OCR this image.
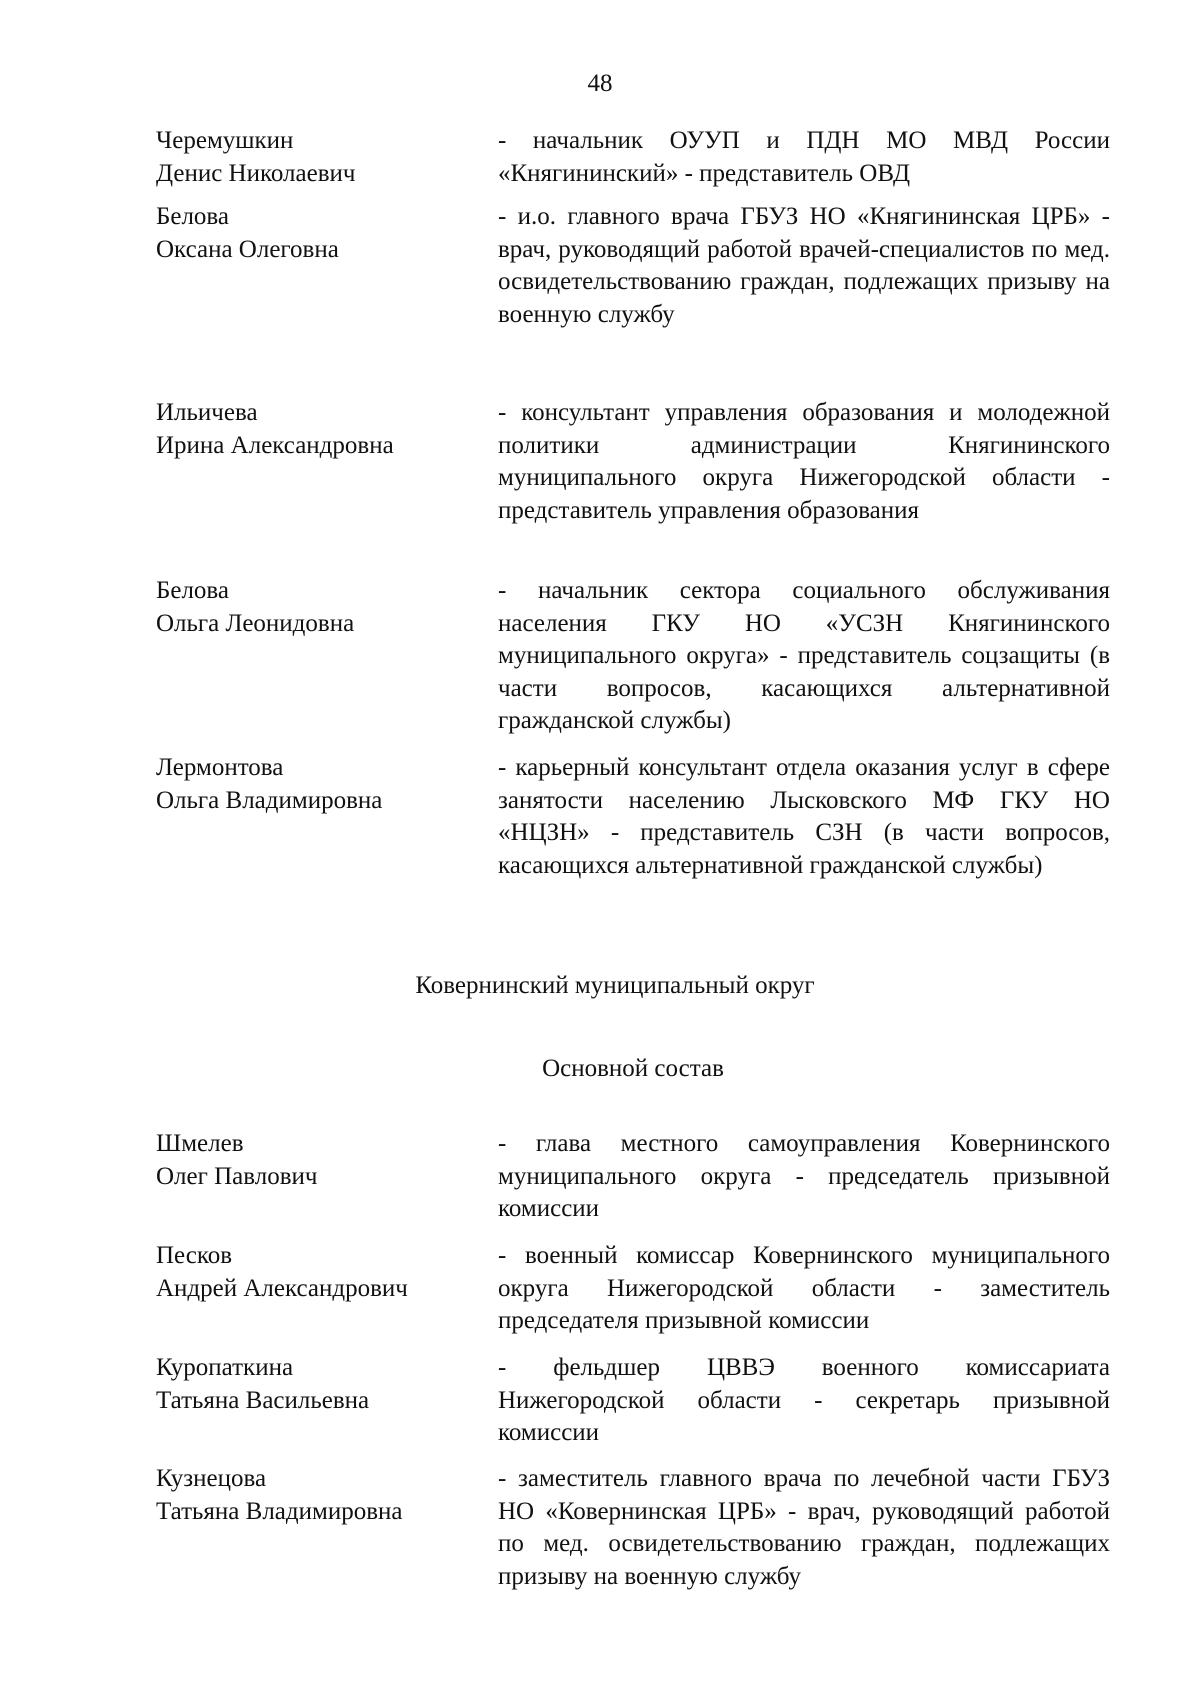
48
Черемушкин
Денис Николаевич
- начальник ОУУП и ПДН МО МВД России «Княгининский» - представитель ОВД
Белова
Оксана Олеговна
- и.о. главного врача ГБУЗ НО «Княгининская ЦРБ» - врач, руководящий работой врачей-специалистов по мед. освидетельствованию граждан, подлежащих призыву на военную службу
Ильичева
Ирина Александровна
- консультант управления образования и молодежной политики администрации Княгининского муниципального округа Нижегородской области - представитель управления образования
Белова
Ольга Леонидовна
- начальник сектора социального обслуживания населения ГКУ НО «УСЗН Княгининского муниципального округа» - представитель соцзащиты (в части вопросов, касающихся альтернативной гражданской службы)
Лермонтова
Ольга Владимировна
- карьерный консультант отдела оказания услуг в сфере занятости населению Лысковского МФ ГКУ НО «НЦЗН» - представитель СЗН (в части вопросов, касающихся альтернативной гражданской службы)
Ковернинский муниципальный округ
Основной состав
Шмелев
Олег Павлович
- глава местного самоуправления Ковернинского муниципального округа - председатель призывной комиссии
Песков
Андрей Александрович
- военный комиссар Ковернинского муниципального округа Нижегородской области - заместитель председателя призывной комиссии
Куропаткина
Татьяна Васильевна
- фельдшер ЦВВЭ военного комиссариата Нижегородской области - секретарь призывной комиссии
Кузнецова
Татьяна Владимировна
- заместитель главного врача по лечебной части ГБУЗ НО «Ковернинская ЦРБ» - врач, руководящий работой по мед. освидетельствованию граждан, подлежащих призыву на военную службу
